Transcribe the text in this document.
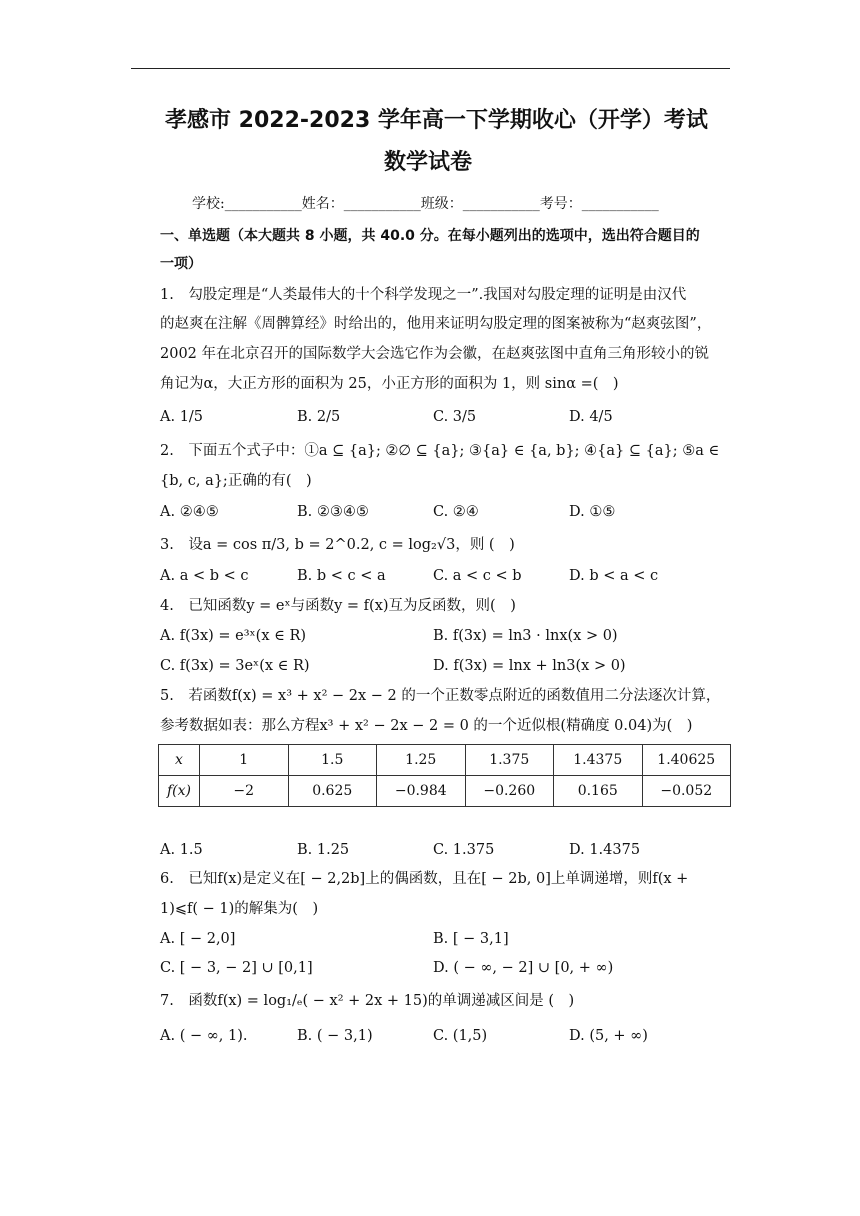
孝感市 2022-2023 学年高一下学期收心（开学）考试
数学试卷
学校:___________姓名：___________班级：___________考号：___________
一、单选题（本大题共 8 小题，共 40.0 分。在每小题列出的选项中，选出符合题目的
一项）
1.　勾股定理是“人类最伟大的十个科学发现之一”.我国对勾股定理的证明是由汉代
的赵爽在注解《周髀算经》时给出的，他用来证明勾股定理的图案被称为“赵爽弦图”，
2002 年在北京召开的国际数学大会选它作为会徽，在赵爽弦图中直角三角形较小的锐
角记为α，大正方形的面积为 25，小正方形的面积为 1，则 sinα =(　)
A. 1/5	B. 2/5	C. 3/5	D. 4/5
2.　下面五个式子中：①a ⊆ {a}; ②∅ ⊆ {a}; ③{a} ∈ {a, b}; ④{a} ⊆ {a}; ⑤a ∈
{b, c, a};正确的有(　)
A. ②④⑤	B. ②③④⑤	C. ②④	D. ①⑤
3.　设a = cos π/3, b = 2^0.2, c = log₂√3，则 (　)
A. a < b < c	B. b < c < a	C. a < c < b	D. b < a < c
4.　已知函数y = eˣ与函数y = f(x)互为反函数，则(　)
A. f(3x) = e³ˣ(x ∈ R)	B. f(3x) = ln3 · lnx(x > 0)
C. f(3x) = 3eˣ(x ∈ R)	D. f(3x) = lnx + ln3(x > 0)
5.　若函数f(x) = x³ + x² − 2x − 2 的一个正数零点附近的函数值用二分法逐次计算，
参考数据如表：那么方程x³ + x² − 2x − 2 = 0 的一个近似根(精确度 0.04)为(　)
x	1	1.5	1.25	1.375	1.4375	1.40625
f(x)	−2	0.625	−0.984	−0.260	0.165	−0.052
A. 1.5	B. 1.25	C. 1.375	D. 1.4375
6.　已知f(x)是定义在[ − 2,2b]上的偶函数，且在[ − 2b, 0]上单调递增，则f(x +
1)⩽f( − 1)的解集为(　)
A. [ − 2,0]	B. [ − 3,1]
C. [ − 3, − 2] ∪ [0,1]	D. ( − ∞, − 2] ∪ [0, + ∞)
7.　函数f(x) = log₁/ₑ( − x² + 2x + 15)的单调递减区间是 (　)
A. ( − ∞, 1).	B. ( − 3,1)	C. (1,5)	D. (5, + ∞)
